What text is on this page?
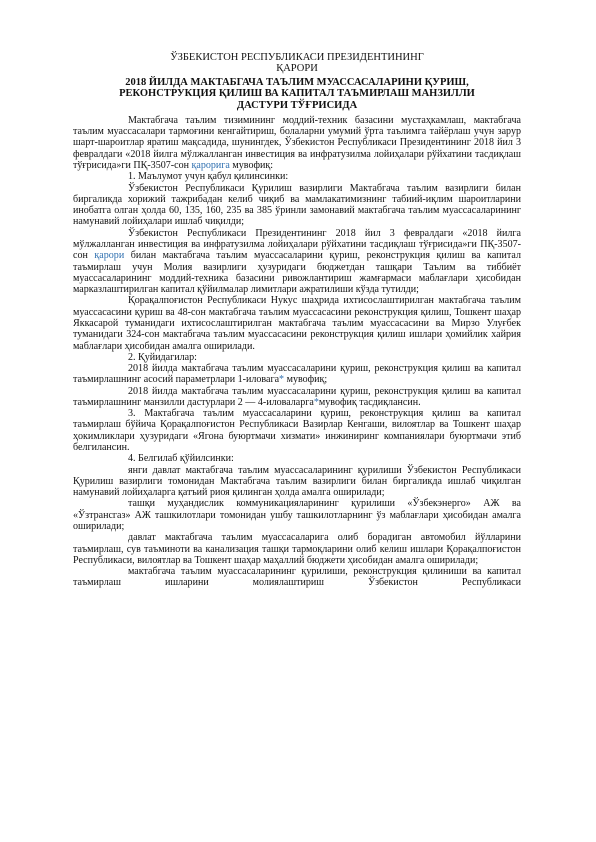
ЎЗБЕКИСТОН РЕСПУБЛИКАСИ ПРЕЗИДЕНТИНИНГ

ҚАРОРИ

2018 ЙИЛДА МАКТАБГАЧА ТАЪЛИМ МУАССАСАЛАРИНИ ҚУРИШ,

РЕКОНСТРУКЦИЯ ҚИЛИШ ВА КАПИТАЛ ТАЪМИРЛАШ МАНЗИЛЛИ

ДАСТУРИ ТЎҒРИСИДА

Мактабгача таълим тизимининг моддий-техник базасини мустаҳкамлаш, мактабгача таълим муассасалари тармоғини кенгайтириш, болаларни умумий ўрта таълимга тайёрлаш учун зарур шарт-шароитлар яратиш мақсадида, шунингдек, Ўзбекистон Республикаси Президентининг 2018 йил 3 февралдаги «2018 йилга мўлжалланган инвестиция ва инфратузилма лойиҳалари рўйхатини тасдиқлаш тўғрисида»ги ПҚ-3507-сон қарорига мувофиқ:

1. Маълумот учун қабул қилинсинки:

Ўзбекистон Республикаси Қурилиш вазирлиги Мактабгача таълим вазирлиги билан биргаликда хорижий тажрибадан келиб чиқиб ва мамлакатимизнинг табиий-иқлим шароитларини инобатга олган ҳолда 60, 135, 160, 235 ва 385 ўринли замонавий мактабгача таълим муассасаларининг намунавий лойиҳалари ишлаб чиқилди;

Ўзбекистон Республикаси Президентининг 2018 йил 3 февралдаги «2018 йилга мўлжалланган инвестиция ва инфратузилма лойиҳалари рўйхатини тасдиқлаш тўғрисида»ги ПҚ-3507-сон қарори билан мактабгача таълим муассасаларини қуриш, реконструкция қилиш ва капитал таъмирлаш учун Молия вазирлиги ҳузуридаги бюджетдан ташқари Таълим ва тиббиёт муассасаларининг моддий-техника базасини ривожлантириш жамғармаси маблағлари ҳисобидан марказлаштирилган капитал қўйилмалар лимитлари ажратилиши кўзда тутилди;

Қорақалпоғистон Республикаси Нукус шаҳрида ихтисослаштирилган мактабгача таълим муассасасини қуриш ва 48-сон мактабгача таълим муассасасини реконструкция қилиш, Тошкент шаҳар Яккасарой туманидаги ихтисослаштирилган мактабгача таълим муассасасини ва Мирзо Улуғбек туманидаги 324-сон мактабгача таълим муассасасини реконструкция қилиш ишлари ҳомийлик хайрия маблағлари ҳисобидан амалга оширилади.

2. Қуйидагилар:

2018 йилда мактабгача таълим муассасаларини қуриш, реконструкция қилиш ва капитал таъмирлашнинг асосий параметрлари 1-иловага* мувофиқ;

2018 йилда мактабгача таълим муассасаларини қуриш, реконструкция қилиш ва капитал таъмирлашнинг манзилли дастурлари 2 — 4-иловаларга*мувофиқ тасдиқлансин.

3. Мактабгача таълим муассасаларини қуриш, реконструкция қилиш ва капитал таъмирлаш бўйича Қорақалпоғистон Республикаси Вазирлар Кенгаши, вилоятлар ва Тошкент шаҳар ҳокимликлари ҳузуридаги «Ягона буюртмачи хизмати» инжиниринг компаниялари буюртмачи этиб белгилансин.

4. Белгилаб қўйилсинки:

янги давлат мактабгача таълим муассасаларининг қурилиши Ўзбекистон Республикаси Қурилиш вазирлиги томонидан Мактабгача таълим вазирлиги билан биргаликда ишлаб чиқилган намунавий лойиҳаларга қатъий риоя қилинган ҳолда амалга оширилади;

ташқи муҳандислик коммуникацияларининг қурилиши «Ўзбекэнерго» АЖ ва «Ўзтрансгаз» АЖ ташкилотлари томонидан ушбу ташкилотларнинг ўз маблағлари ҳисобидан амалга оширилади;

давлат мактабгача таълим муассасаларига олиб борадиган автомобил йўлларини таъмирлаш, сув таъминоти ва канализация ташқи тармоқларини олиб келиш ишлари Қорақалпоғистон Республикаси, вилоятлар ва Тошкент шаҳар маҳаллий бюджети ҳисобидан амалга оширилади;

мактабгача таълим муассасаларининг қурилиши, реконструкция қилиниши ва капитал таъмирлаш ишларини молиялаштириш Ўзбекистон Республикаси
